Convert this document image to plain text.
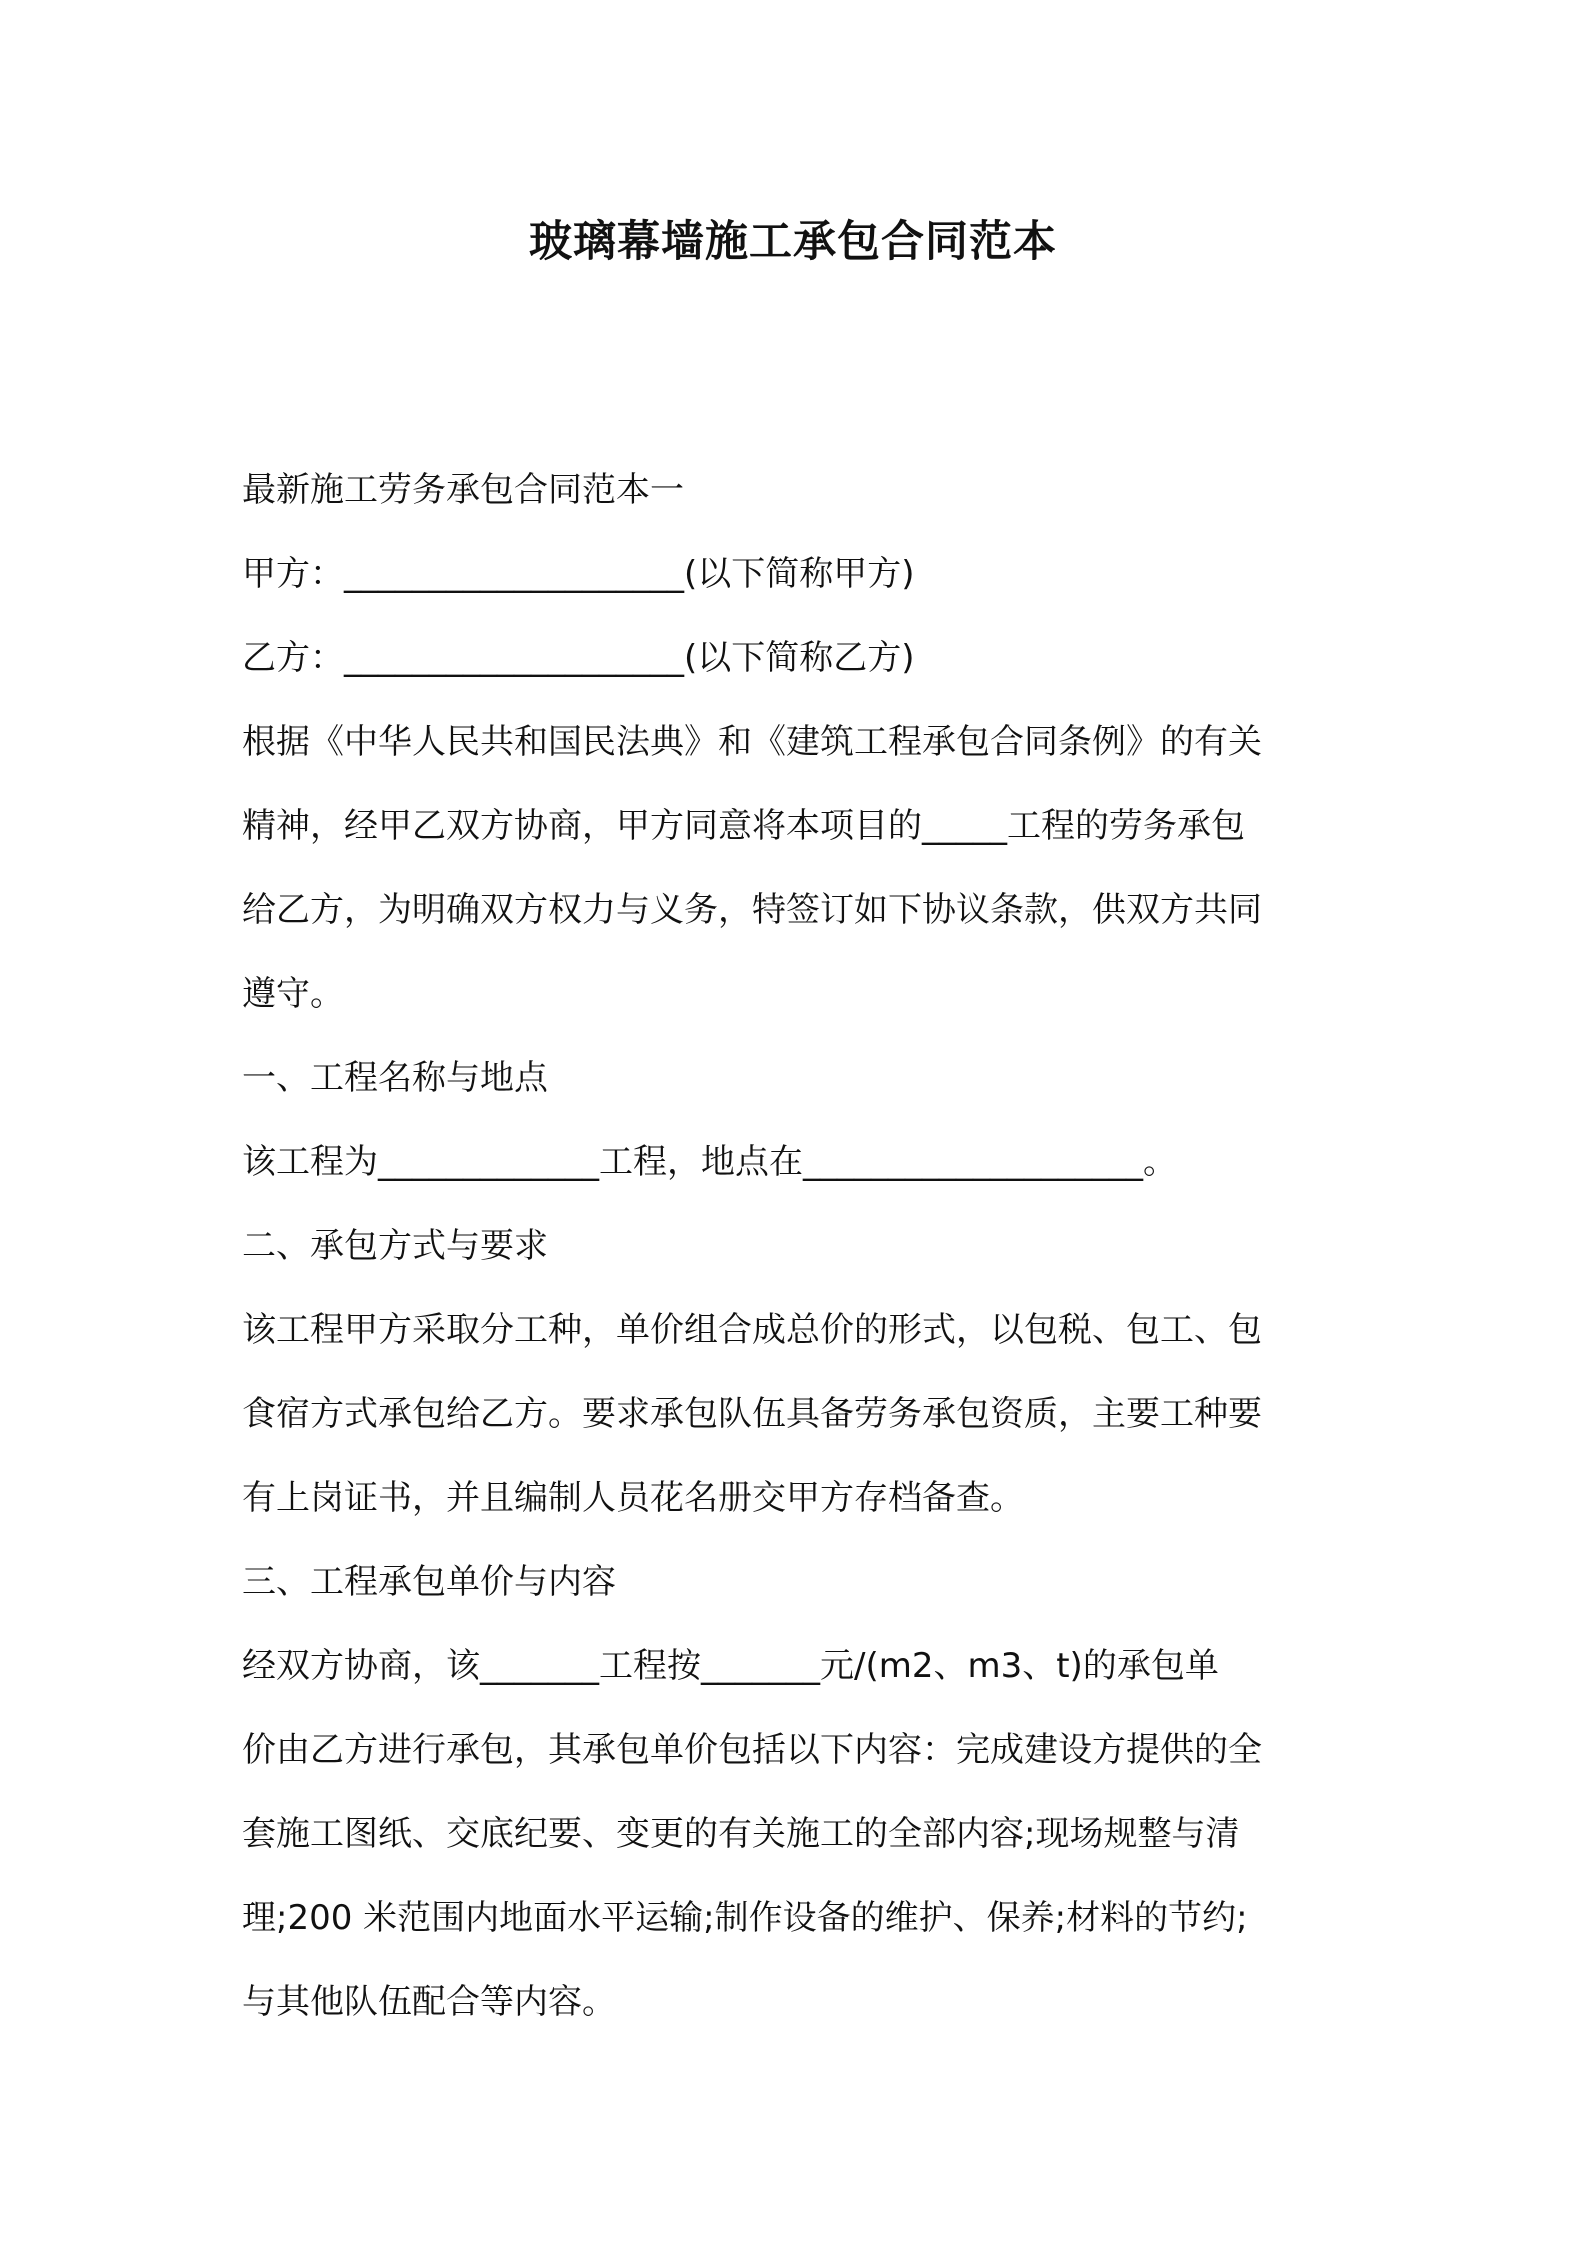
玻璃幕墙施工承包合同范本

最新施工劳务承包合同范本一

甲方：____________________(以下简称甲方)

乙方：____________________(以下简称乙方)

根据《中华人民共和国民法典》和《建筑工程承包合同条例》的有关

精神，经甲乙双方协商，甲方同意将本项目的_____工程的劳务承包

给乙方，为明确双方权力与义务，特签订如下协议条款，供双方共同

遵守。

一、工程名称与地点

该工程为_____________工程，地点在____________________。

二、承包方式与要求

该工程甲方采取分工种，单价组合成总价的形式，以包税、包工、包

食宿方式承包给乙方。要求承包队伍具备劳务承包资质，主要工种要

有上岗证书，并且编制人员花名册交甲方存档备查。

三、工程承包单价与内容

经双方协商，该_______工程按_______元/(m2、m3、t)的承包单

价由乙方进行承包，其承包单价包括以下内容：完成建设方提供的全

套施工图纸、交底纪要、变更的有关施工的全部内容;现场规整与清

理;200 米范围内地面水平运输;制作设备的维护、保养;材料的节约;

与其他队伍配合等内容。
